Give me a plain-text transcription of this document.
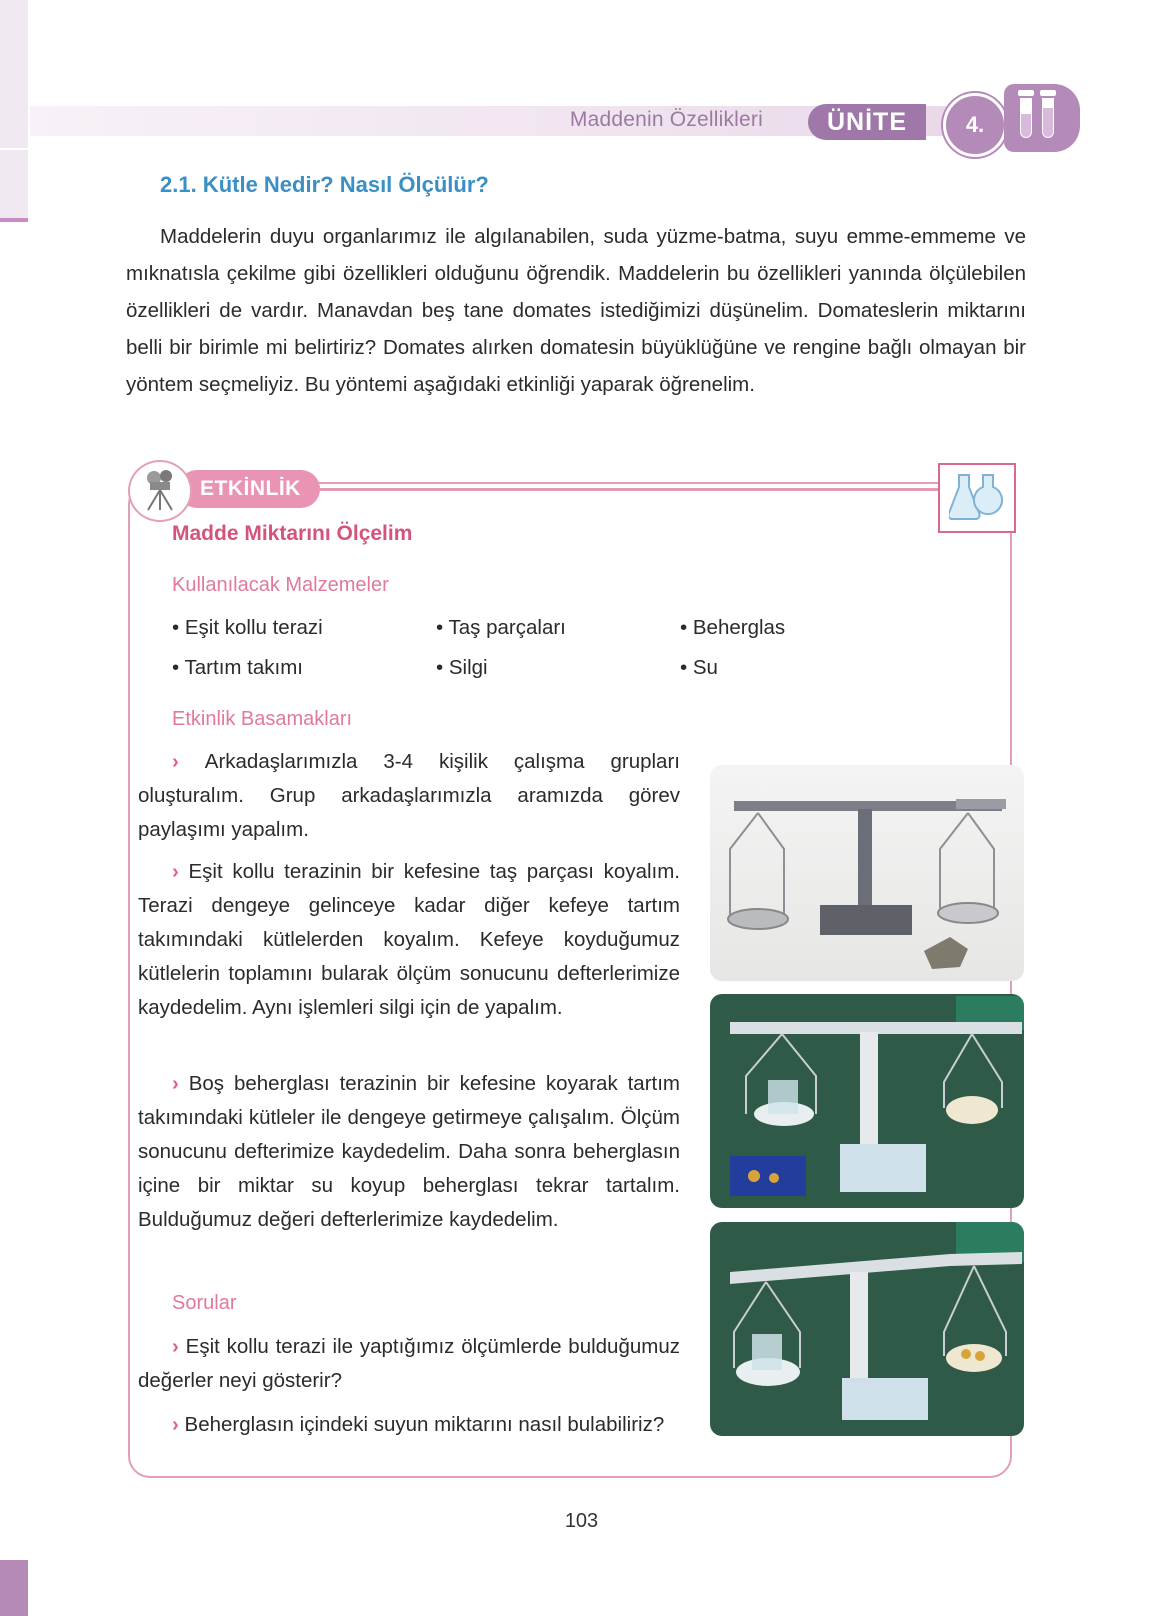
Maddenin Özellikleri	ÜNİTE	4.
2.1. Kütle Nedir? Nasıl Ölçülür?

Maddelerin duyu organlarımız ile algılanabilen, suda yüzme-batma, suyu emme-emmeme ve mıknatısla çekilme gibi özellikleri olduğunu öğrendik. Maddelerin bu özellikleri yanında ölçülebilen özellikleri de vardır. Manavdan beş tane domates istediğimizi düşünelim. Domateslerin miktarını belli bir birimle mi belirtiriz? Domates alırken domatesin büyüklüğüne ve rengine bağlı olmayan bir yöntem seçmeliyiz. Bu yöntemi aşağıdaki etkinliği yaparak öğrenelim.

ETKİNLİK
Madde Miktarını Ölçelim
Kullanılacak Malzemeler
• Eşit kollu terazi	• Taş parçaları	• Beherglas
• Tartım takımı	• Silgi	• Su
Etkinlik Basamakları

› Arkadaşlarımızla 3-4 kişilik çalışma grupları oluşturalım. Grup arkadaşlarımızla aramızda görev paylaşımı yapalım.

› Eşit kollu terazinin bir kefesine taş parçası koyalım. Terazi dengeye gelinceye kadar diğer kefeye tartım takımındaki kütlelerden koyalım. Kefeye koyduğumuz kütlelerin toplamını bularak ölçüm sonucunu defterlerimize kaydedelim. Aynı işlemleri silgi için de yapalım.

› Boş beherglası terazinin bir kefesine koyarak tartım takımındaki kütleler ile dengeye getirmeye çalışalım. Ölçüm sonucunu defterimize kaydedelim. Daha sonra beherglasın içine bir miktar su koyup beherglası tekrar tartalım. Bulduğumuz değeri defterlerimize kaydedelim.

Sorular

› Eşit kollu terazi ile yaptığımız ölçümlerde bulduğumuz değerler neyi gösterir?

› Beherglasın içindeki suyun miktarını nasıl bulabiliriz?

103
